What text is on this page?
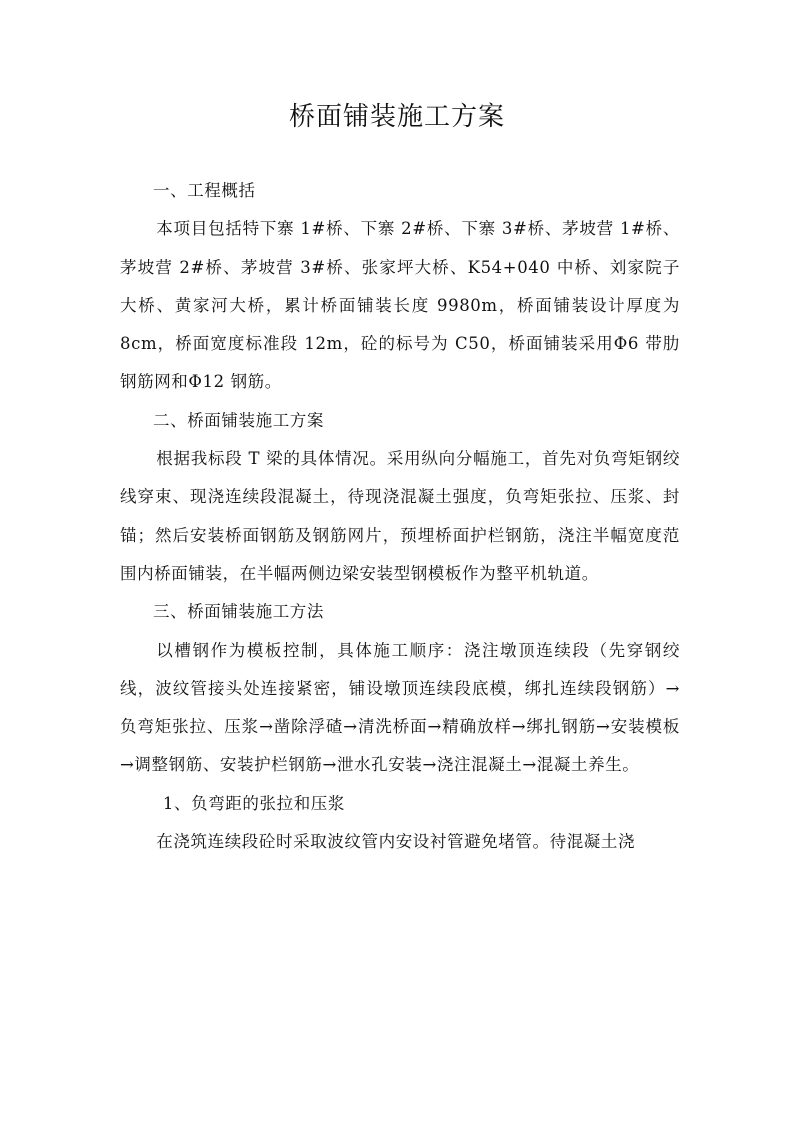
桥面铺装施工方案

一、工程概括

本项目包括特下寨 1#桥、下寨 2#桥、下寨 3#桥、茅坡营 1#桥、茅坡营 2#桥、茅坡营 3#桥、张家坪大桥、K54+040 中桥、刘家院子大桥、黄家河大桥，累计桥面铺装长度 9980m，桥面铺装设计厚度为8cm，桥面宽度标准段 12m，砼的标号为 C50，桥面铺装采用Φ6 带肋钢筋网和Φ12 钢筋。

二、桥面铺装施工方案

根据我标段 T 梁的具体情况。采用纵向分幅施工，首先对负弯矩钢绞线穿束、现浇连续段混凝土，待现浇混凝土强度，负弯矩张拉、压浆、封锚；然后安装桥面钢筋及钢筋网片，预埋桥面护栏钢筋，浇注半幅宽度范围内桥面铺装，在半幅两侧边梁安装型钢模板作为整平机轨道。

三、桥面铺装施工方法

以槽钢作为模板控制，具体施工顺序：浇注墩顶连续段（先穿钢绞线，波纹管接头处连接紧密，铺设墩顶连续段底模，绑扎连续段钢筋）→负弯矩张拉、压浆→凿除浮碴→清洗桥面→精确放样→绑扎钢筋→安装模板→调整钢筋、安装护栏钢筋→泄水孔安装→浇注混凝土→混凝土养生。

1、负弯距的张拉和压浆

在浇筑连续段砼时采取波纹管内安设衬管避免堵管。待混凝土浇
